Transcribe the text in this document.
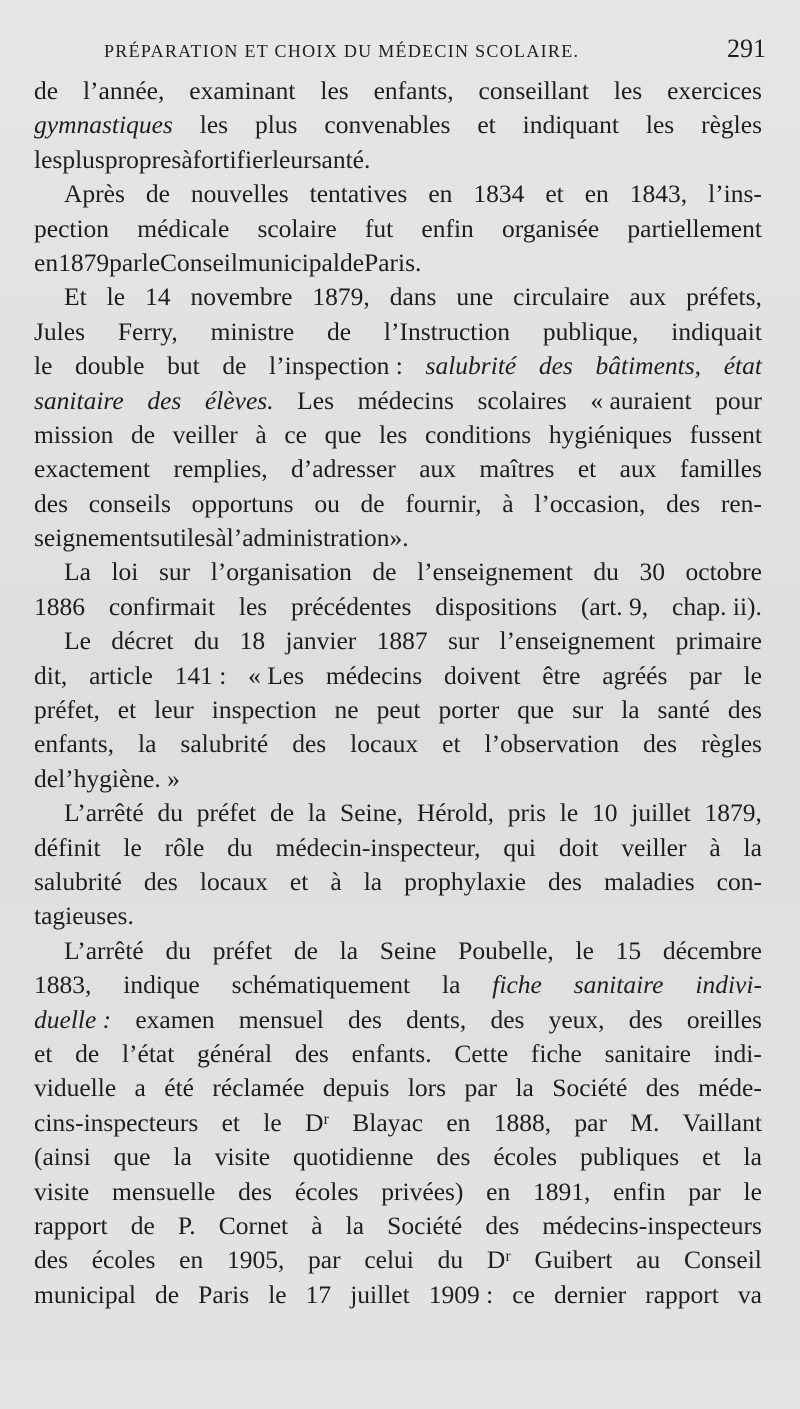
PRÉPARATION ET CHOIX DU MÉDECIN SCOLAIRE.	291
de l’année, examinant les enfants, conseillant les exercices
gymnastiques les plus convenables et indiquant les règles
les plus propres à fortifier leur santé.
Après de nouvelles tentatives en 1834 et en 1843, l’ins-
pection médicale scolaire fut enfin organisée partiellement
en 1879 par le Conseil municipal de Paris.
Et le 14 novembre 1879, dans une circulaire aux préfets,
Jules Ferry, ministre de l’Instruction publique, indiquait
le double but de l’inspection : salubrité des bâtiments, état
sanitaire des élèves. Les médecins scolaires « auraient pour
mission de veiller à ce que les conditions hygiéniques fussent
exactement remplies, d’adresser aux maîtres et aux familles
des conseils opportuns ou de fournir, à l’occasion, des ren-
seignements utiles à l’administration ».
La loi sur l’organisation de l’enseignement du 30 octobre
1886 confirmait les précédentes dispositions (art. 9, chap. ii).
Le décret du 18 janvier 1887 sur l’enseignement primaire
dit, article 141 : « Les médecins doivent être agréés par le
préfet, et leur inspection ne peut porter que sur la santé des
enfants, la salubrité des locaux et l’observation des règles
de l’hygiène. »
L’arrêté du préfet de la Seine, Hérold, pris le 10 juillet 1879,
définit le rôle du médecin-inspecteur, qui doit veiller à la
salubrité des locaux et à la prophylaxie des maladies con-
tagieuses.
L’arrêté du préfet de la Seine Poubelle, le 15 décembre
1883, indique schématiquement la fiche sanitaire indivi-
duelle : examen mensuel des dents, des yeux, des oreilles
et de l’état général des enfants. Cette fiche sanitaire indi-
viduelle a été réclamée depuis lors par la Société des méde-
cins-inspecteurs et le Dʳ Blayac en 1888, par M. Vaillant
(ainsi que la visite quotidienne des écoles publiques et la
visite mensuelle des écoles privées) en 1891, enfin par le
rapport de P. Cornet à la Société des médecins-inspecteurs
des écoles en 1905, par celui du Dʳ Guibert au Conseil
municipal de Paris le 17 juillet 1909 : ce dernier rapport va
